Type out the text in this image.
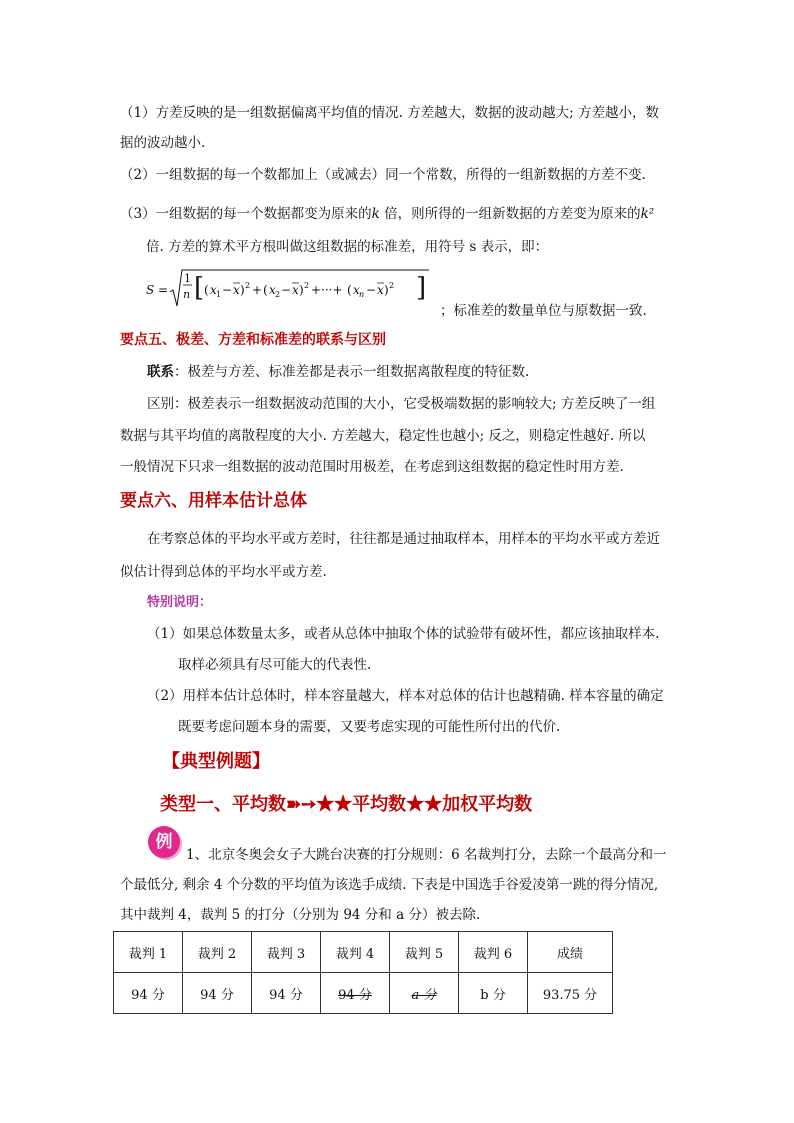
（1）方差反映的是一组数据偏离平均值的情况. 方差越大，数据的波动越大; 方差越小，数
据的波动越小.
（2）一组数据的每一个数都加上（或减去）同一个常数，所得的一组新数据的方差不变.
（3）一组数据的每一个数据都变为原来的k 倍，则所得的一组新数据的方差变为原来的k²
倍. 方差的算术平方根叫做这组数据的标准差，用符号 s 表示，即：
S =
1
n [ ( x 1 − x ) 2 + ( x 2 − x ) 2 +···+ ( x n − x ) 2 ]
；标准差的数量单位与原数据一致.
要点五、极差、方差和标准差的联系与区别
联系：极差与方差、标准差都是表示一组数据离散程度的特征数.
区别：极差表示一组数据波动范围的大小，它受极端数据的影响较大; 方差反映了一组
数据与其平均值的离散程度的大小. 方差越大，稳定性也越小; 反之，则稳定性越好. 所以
一般情况下只求一组数据的波动范围时用极差，在考虑到这组数据的稳定性时用方差.
要点六、用样本估计总体
在考察总体的平均水平或方差时，往往都是通过抽取样本，用样本的平均水平或方差近
似估计得到总体的平均水平或方差.
特别说明：
（1）如果总体数量太多，或者从总体中抽取个体的试验带有破坏性，都应该抽取样本.
取样必须具有尽可能大的代表性.
（2）用样本估计总体时，样本容量越大，样本对总体的估计也越精确. 样本容量的确定
既要考虑问题本身的需要，又要考虑实现的可能性所付出的代价.
【典型例题】
类型一、平均数➽➙★★平均数★★加权平均数
例
1、北京冬奥会女子大跳台决赛的打分规则：6 名裁判打分，去除一个最高分和一
个最低分, 剩余 4 个分数的平均值为该选手成绩. 下表是中国选手谷爱凌第一跳的得分情况,
其中裁判 4，裁判 5 的打分（分别为 94 分和 a 分）被去除.
裁判 1	裁判 2	裁判 3	裁判 4	裁判 5	裁判 6	成绩
94 分	94 分	94 分	94 分	a 分	b 分	93.75 分
